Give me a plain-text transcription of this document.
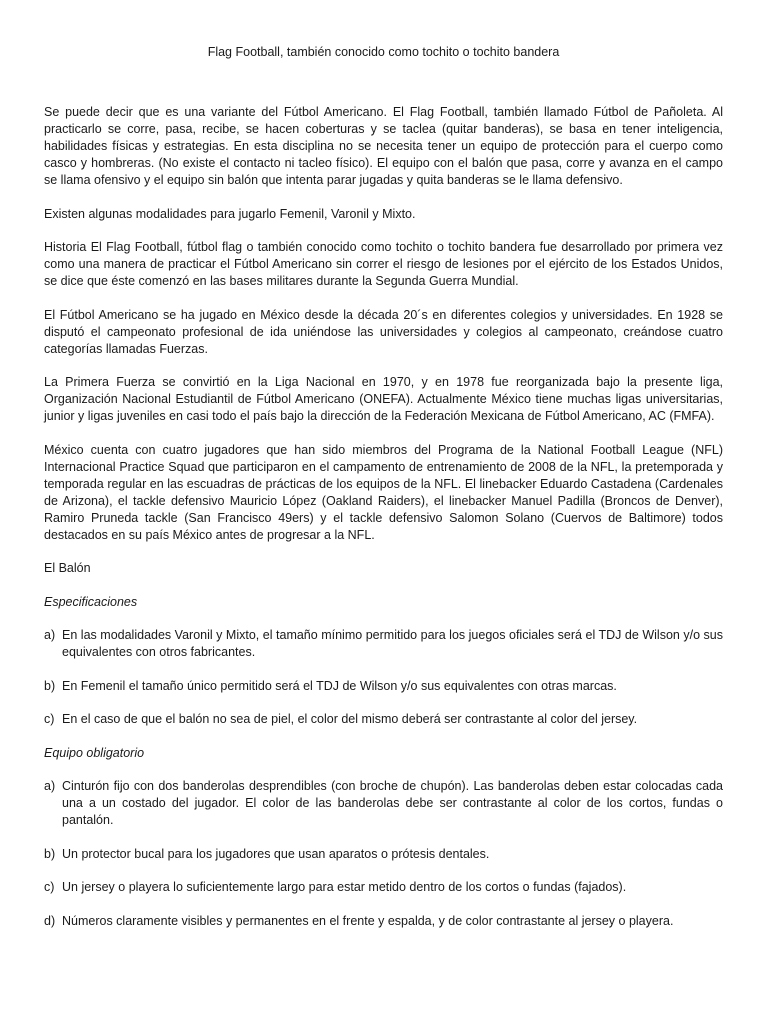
Flag Football, también conocido como tochito o tochito bandera

Se puede decir que es una variante del Fútbol Americano. El Flag Football, también llamado Fútbol de Pañoleta. Al practicarlo se corre, pasa, recibe, se hacen coberturas y se taclea (quitar banderas), se basa en tener inteligencia, habilidades físicas y estrategias. En esta disciplina no se necesita tener un equipo de protección para el cuerpo como casco y hombreras. (No existe el contacto ni tacleo físico). El equipo con el balón que pasa, corre y avanza en el campo se llama ofensivo y el equipo sin balón que intenta parar jugadas y quita banderas se le llama defensivo.

Existen algunas modalidades para jugarlo Femenil, Varonil y Mixto.

Historia El Flag Football, fútbol flag o también conocido como tochito o tochito bandera fue desarrollado por primera vez como una manera de practicar el Fútbol Americano sin correr el riesgo de lesiones por el ejército de los Estados Unidos, se dice que éste comenzó en las bases militares durante la Segunda Guerra Mundial.

El Fútbol Americano se ha jugado en México desde la década 20´s en diferentes colegios y universidades. En 1928 se disputó el campeonato profesional de ida uniéndose las universidades y colegios al campeonato, creándose cuatro categorías llamadas Fuerzas.

La Primera Fuerza se convirtió en la Liga Nacional en 1970, y en 1978 fue reorganizada bajo la presente liga, Organización Nacional Estudiantil de Fútbol Americano (ONEFA). Actualmente México tiene muchas ligas universitarias, junior y ligas juveniles en casi todo el país bajo la dirección de la Federación Mexicana de Fútbol Americano, AC (FMFA).

México cuenta con cuatro jugadores que han sido miembros del Programa de la National Football League (NFL) Internacional Practice Squad que participaron en el campamento de entrenamiento de 2008 de la NFL, la pretemporada y temporada regular en las escuadras de prácticas de los equipos de la NFL. El linebacker Eduardo Castadena (Cardenales de Arizona), el tackle defensivo Mauricio López (Oakland Raiders), el linebacker Manuel Padilla (Broncos de Denver), Ramiro Pruneda tackle (San Francisco 49ers) y el tackle defensivo Salomon Solano (Cuervos de Baltimore) todos destacados en su país México antes de progresar a la NFL.

El Balón

Especificaciones

a) En las modalidades Varonil y Mixto, el tamaño mínimo permitido para los juegos oficiales será el TDJ de Wilson y/o sus equivalentes con otros fabricantes.
b) En Femenil el tamaño único permitido será el TDJ de Wilson y/o sus equivalentes con otras marcas.
c) En el caso de que el balón no sea de piel, el color del mismo deberá ser contrastante al color del jersey.

Equipo obligatorio

a) Cinturón fijo con dos banderolas desprendibles (con broche de chupón). Las banderolas deben estar colocadas cada una a un costado del jugador. El color de las banderolas debe ser contrastante al color de los cortos, fundas o pantalón.
b) Un protector bucal para los jugadores que usan aparatos o prótesis dentales.
c) Un jersey o playera lo suficientemente largo para estar metido dentro de los cortos o fundas (fajados).
d) Números claramente visibles y permanentes en el frente y espalda, y de color contrastante al jersey o playera.
